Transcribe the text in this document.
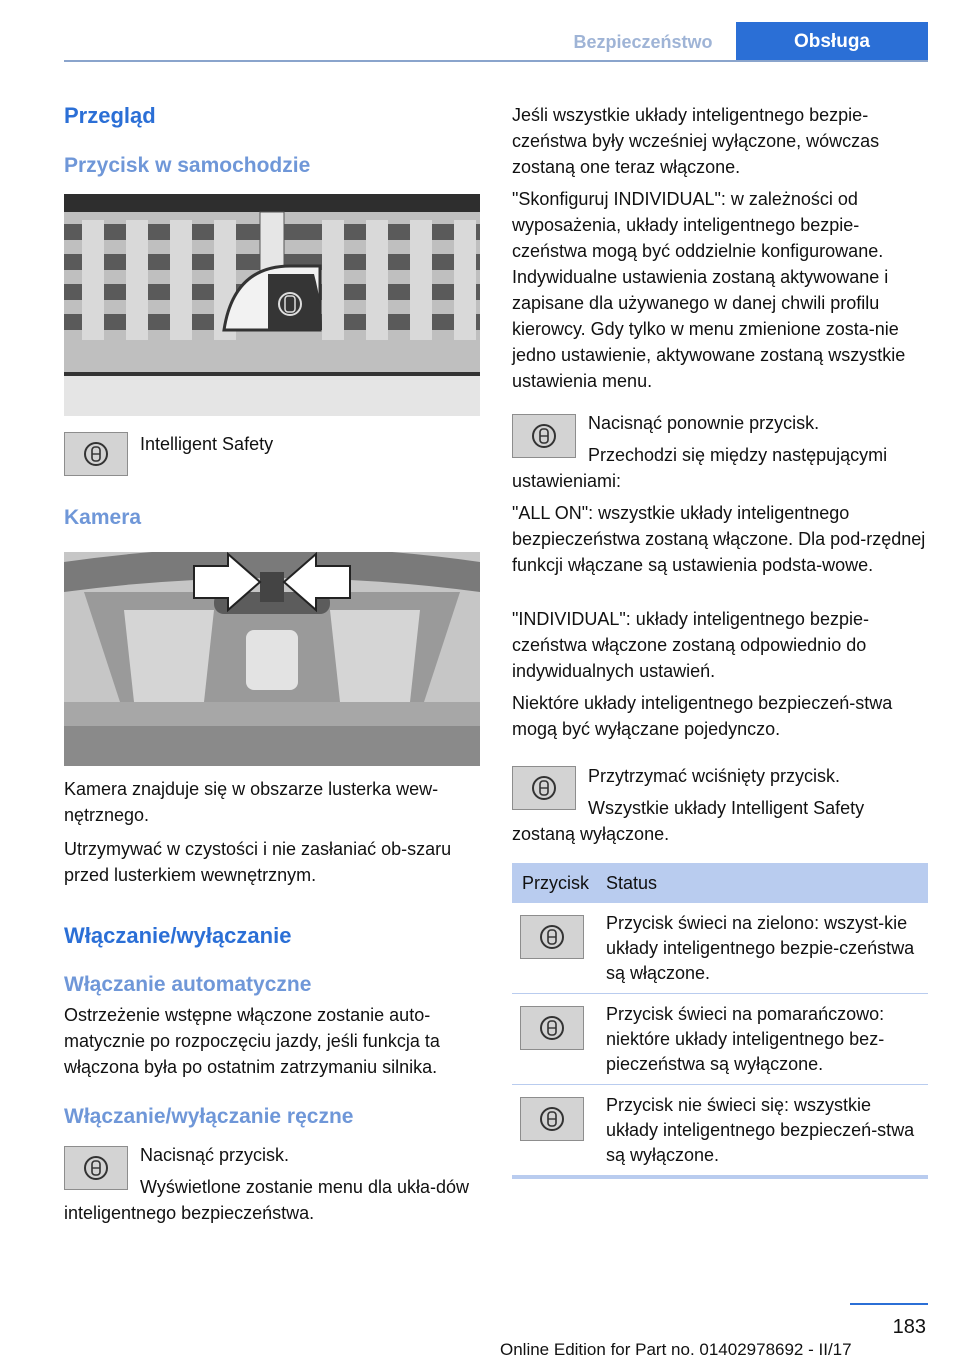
Bezpieczeństwo	Obsługa
Przegląd
Przycisk w samochodzie
Intelligent Safety
Kamera
Kamera znajduje się w obszarze lusterka wew-nętrznego.
Utrzymywać w czystości i nie zasłaniać ob-szaru przed lusterkiem wewnętrznym.
Włączanie/wyłączanie
Włączanie automatyczne
Ostrzeżenie wstępne włączone zostanie auto-matycznie po rozpoczęciu jazdy, jeśli funkcja ta włączona była po ostatnim zatrzymaniu silnika.
Włączanie/wyłączanie ręczne
Nacisnąć przycisk.
Wyświetlone zostanie menu dla ukła-dów inteligentnego bezpieczeństwa.
Jeśli wszystkie układy inteligentnego bezpie-czeństwa były wcześniej wyłączone, wówczas zostaną one teraz włączone.
"Skonfiguruj INDIVIDUAL": w zależności od wyposażenia, układy inteligentnego bezpie-czeństwa mogą być oddzielnie konfigurowane. Indywidualne ustawienia zostaną aktywowane i zapisane dla używanego w danej chwili profilu kierowcy. Gdy tylko w menu zmienione zosta-nie jedno ustawienie, aktywowane zostaną wszystkie ustawienia menu.
Nacisnąć ponownie przycisk.
Przechodzi się między następującymi ustawieniami:
"ALL ON": wszystkie układy inteligentnego bezpieczeństwa zostaną włączone. Dla pod-rzędnej funkcji włączane są ustawienia podsta-wowe.
"INDIVIDUAL": układy inteligentnego bezpie-czeństwa włączone zostaną odpowiednio do indywidualnych ustawień.
Niektóre układy inteligentnego bezpieczeń-stwa mogą być wyłączane pojedynczo.
Przytrzymać wciśnięty przycisk.
Wszystkie układy Intelligent Safety zostaną wyłączone.
Przycisk Status
Przycisk świeci na zielono: wszyst-kie układy inteligentnego bezpie-czeństwa są włączone.
Przycisk świeci na pomarańczowo: niektóre układy inteligentnego bez-pieczeństwa są wyłączone.
Przycisk nie świeci się: wszystkie układy inteligentnego bezpieczeń-stwa są wyłączone.
183
Online Edition for Part no. 01402978692 - II/17
